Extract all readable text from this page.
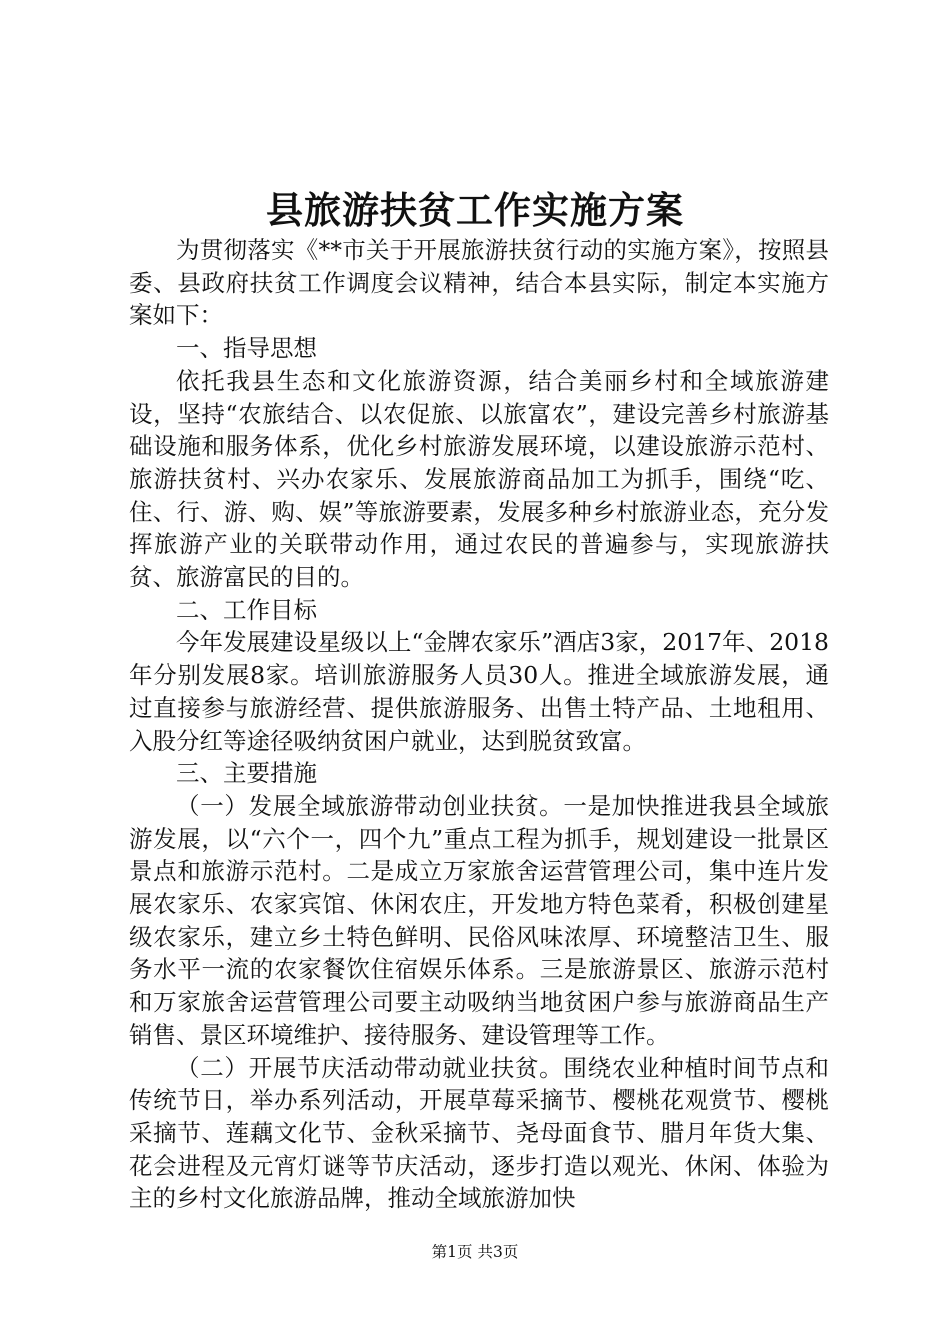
县旅游扶贫工作实施方案

为贯彻落实《**市关于开展旅游扶贫行动的实施方案》，按照县委、县政府扶贫工作调度会议精神，结合本县实际，制定本实施方案如下：

一、指导思想

依托我县生态和文化旅游资源，结合美丽乡村和全域旅游建设，坚持“农旅结合、以农促旅、以旅富农”，建设完善乡村旅游基础设施和服务体系，优化乡村旅游发展环境，以建设旅游示范村、旅游扶贫村、兴办农家乐、发展旅游商品加工为抓手，围绕“吃、住、行、游、购、娱”等旅游要素，发展多种乡村旅游业态，充分发挥旅游产业的关联带动作用，通过农民的普遍参与，实现旅游扶贫、旅游富民的目的。

二、工作目标

今年发展建设星级以上“金牌农家乐”酒店3家，2017年、2018年分别发展8家。培训旅游服务人员30人。推进全域旅游发展，通过直接参与旅游经营、提供旅游服务、出售土特产品、土地租用、入股分红等途径吸纳贫困户就业，达到脱贫致富。

三、主要措施

（一）发展全域旅游带动创业扶贫。一是加快推进我县全域旅游发展，以“六个一，四个九”重点工程为抓手，规划建设一批景区景点和旅游示范村。二是成立万家旅舍运营管理公司，集中连片发展农家乐、农家宾馆、休闲农庄，开发地方特色菜肴，积极创建星级农家乐，建立乡土特色鲜明、民俗风味浓厚、环境整洁卫生、服务水平一流的农家餐饮住宿娱乐体系。三是旅游景区、旅游示范村和万家旅舍运营管理公司要主动吸纳当地贫困户参与旅游商品生产销售、景区环境维护、接待服务、建设管理等工作。

（二）开展节庆活动带动就业扶贫。围绕农业种植时间节点和传统节日，举办系列活动，开展草莓采摘节、樱桃花观赏节、樱桃采摘节、莲藕文化节、金秋采摘节、尧母面食节、腊月年货大集、花会进程及元宵灯谜等节庆活动，逐步打造以观光、休闲、体验为主的乡村文化旅游品牌，推动全域旅游加快

第1页 共3页
